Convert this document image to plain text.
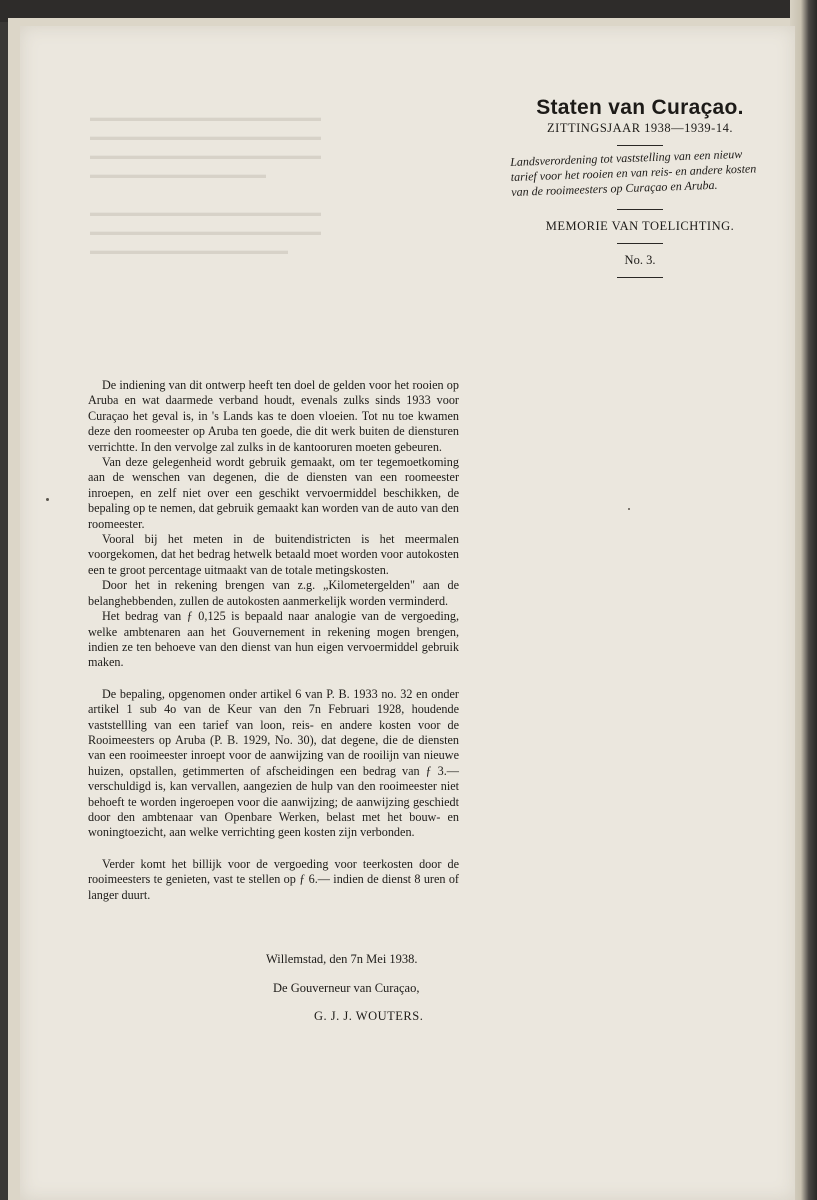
▬▬▬▬▬▬▬▬▬▬▬▬▬▬▬▬▬▬▬▬▬
▬▬▬▬▬▬▬▬▬▬▬▬▬▬▬▬▬▬▬▬▬
▬▬▬▬▬▬▬▬▬▬▬▬▬▬▬▬▬▬▬▬▬
▬▬▬▬▬▬▬▬▬▬▬▬▬▬▬▬
▬▬▬▬▬▬▬▬▬▬▬▬▬▬▬▬▬▬▬▬▬
▬▬▬▬▬▬▬▬▬▬▬▬▬▬▬▬▬▬▬▬▬
▬▬▬▬▬▬▬▬▬▬▬▬▬▬▬▬▬▬
Staten van Curaçao.
ZITTINGSJAAR 1938—1939-14.
Landsverordening tot vaststelling van een nieuw tarief voor het rooien en van reis- en andere kosten van de rooimeesters op Curaçao en Aruba.
MEMORIE VAN TOELICHTING.
No. 3.

De indiening van dit ontwerp heeft ten doel de gelden voor het rooien op Aruba en wat daarmede verband houdt, evenals zulks sinds 1933 voor Curaçao het geval is, in 's Lands kas te doen vloeien. Tot nu toe kwamen deze den roomeester op Aruba ten goede, die dit werk buiten de diensturen verrichtte. In den vervolge zal zulks in de kantooruren moeten gebeuren.

Van deze gelegenheid wordt gebruik gemaakt, om ter tegemoetkoming aan de wenschen van degenen, die de diensten van een roomeester inroepen, en zelf niet over een geschikt vervoermiddel beschikken, de bepaling op te nemen, dat gebruik gemaakt kan worden van de auto van den roomeester.

Vooral bij het meten in de buitendistricten is het meermalen voorgekomen, dat het bedrag hetwelk betaald moet worden voor autokosten een te groot percentage uitmaakt van de totale metingskosten.

Door het in rekening brengen van z.g. „Kilometergelden" aan de belanghebbenden, zullen de autokosten aanmerkelijk worden verminderd.

Het bedrag van ƒ 0,125 is bepaald naar analogie van de vergoeding, welke ambtenaren aan het Gouvernement in rekening mogen brengen, indien ze ten behoeve van den dienst van hun eigen vervoermiddel gebruik maken.

De bepaling, opgenomen onder artikel 6 van P. B. 1933 no. 32 en onder artikel 1 sub 4o van de Keur van den 7n Februari 1928, houdende vaststellling van een tarief van loon, reis- en andere kosten voor de Rooimeesters op Aruba (P. B. 1929, No. 30), dat degene, die de diensten van een rooimeester inroept voor de aanwijzing van de rooilijn van nieuwe huizen, opstallen, getimmerten of afscheidingen een bedrag van ƒ 3.— verschuldigd is, kan vervallen, aangezien de hulp van den rooimeester niet behoeft te worden ingeroepen voor die aanwijzing; de aanwijzing geschiedt door den ambtenaar van Openbare Werken, belast met het bouw- en woningtoezicht, aan welke verrichting geen kosten zijn verbonden.

Verder komt het billijk voor de vergoeding voor teerkosten door de rooimeesters te genieten, vast te stellen op ƒ 6.— indien de dienst 8 uren of langer duurt.

Willemstad, den 7n Mei 1938.
De Gouverneur van Curaçao,
G. J. J. WOUTERS.
